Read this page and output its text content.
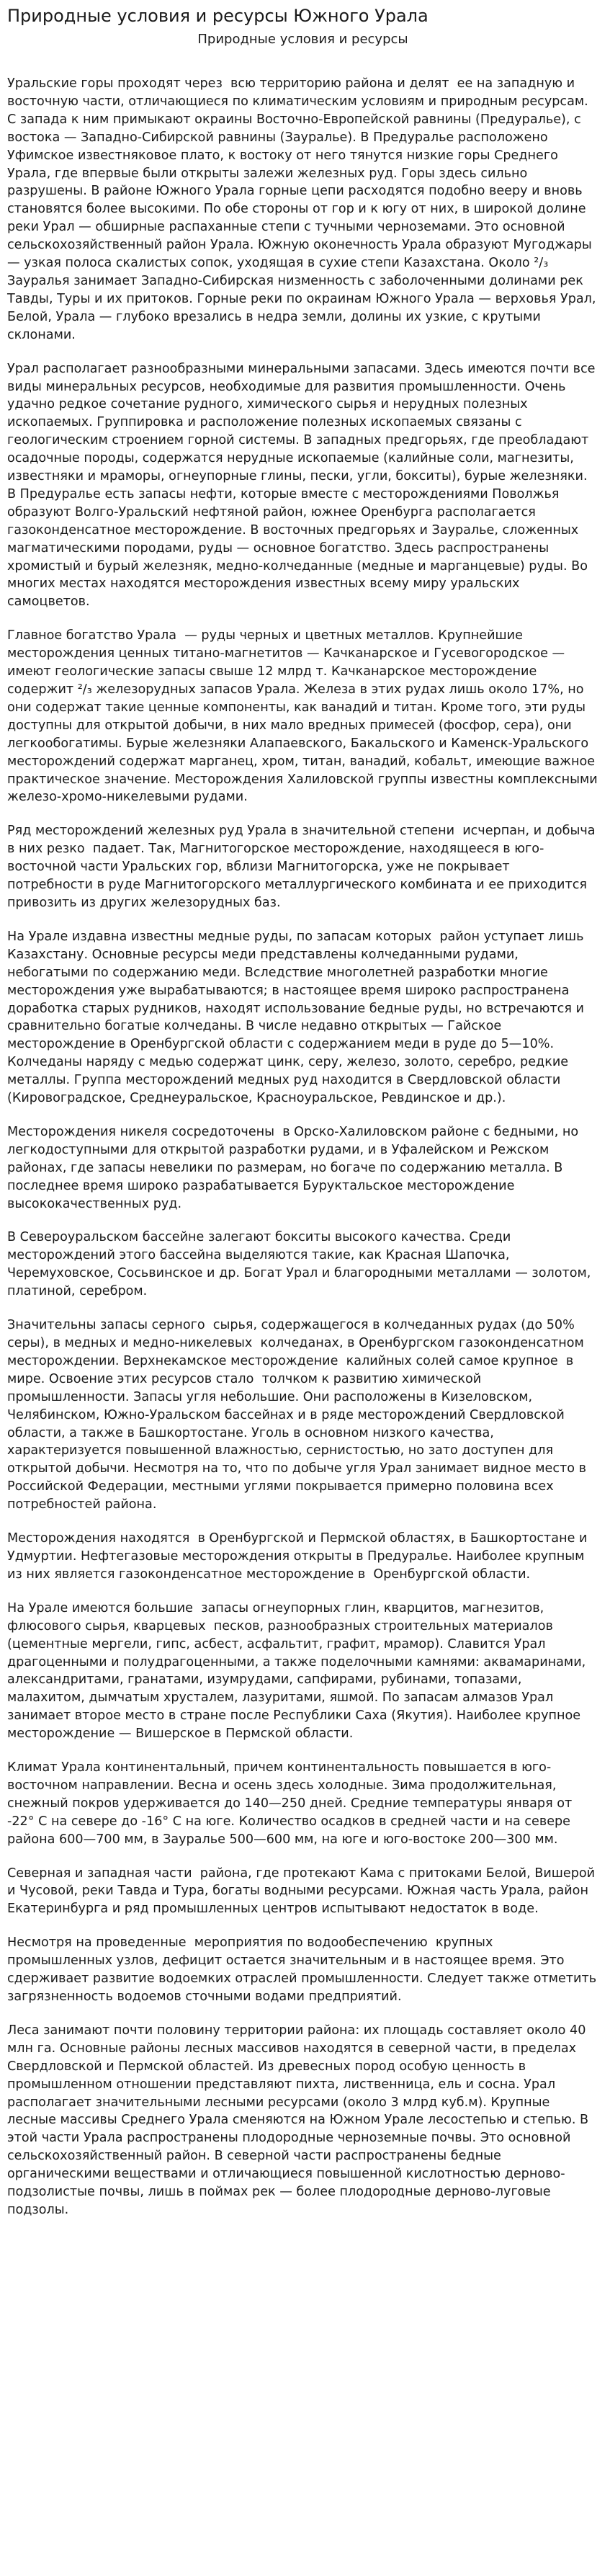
Природные условия и ресурсы Южного Урала
Природные условия и ресурсы

Уральские горы проходят через  всю территорию района и делят  ее на западную и восточную части, отличающиеся по климатическим условиям и природным ресурсам. С запада к ним примыкают окраины Восточно-Европейской равнины (Предуралье), с востока — Западно-Сибирской равнины (Зауралье). В Предуралье расположено Уфимское известняковое плато, к востоку от него тянутся низкие горы Среднего Урала, где впервые были открыты залежи железных руд. Горы здесь сильно разрушены. В районе Южного Урала горные цепи расходятся подобно вееру и вновь становятся более высокими. По обе стороны от гор и к югу от них, в широкой долине реки Урал — обширные распаханные степи с тучными черноземами. Это основной сельскохозяйственный район Урала. Южную оконечность Урала образуют Мугоджары — узкая полоса скалистых сопок, уходящая в сухие степи Казахстана. Около ²/₃ Зауралья занимает Западно-Сибирская низменность с заболоченными долинами рек Тавды, Туры и их притоков. Горные реки по окраинам Южного Урала — верховья Урал, Белой, Урала — глубоко врезались в недра земли, долины их узкие, с крутыми склонами.

Урал располагает разнообразными минеральными запасами. Здесь имеются почти все виды минеральных ресурсов, необходимые для развития промышленности. Очень удачно редкое сочетание рудного, химического сырья и нерудных полезных ископаемых. Группировка и расположение полезных ископаемых связаны с геологическим строением горной системы. В западных предгорьях, где преобладают осадочные породы, содержатся нерудные ископаемые (калийные соли, магнезиты, известняки и мраморы, огнеупорные глины, пески, угли, бокситы), бурые железняки. В Предуралье есть запасы нефти, которые вместе с месторождениями Поволжья образуют Волго-Уральский нефтяной район, южнее Оренбурга располагается газоконденсатное месторождение. В восточных предгорьях и Зауралье, сложенных магматическими породами, руды — основное богатство. Здесь распространены хромистый и бурый железняк, медно-колчеданные (медные и марганцевые) руды. Во многих местах находятся месторождения известных всему миру уральских самоцветов.

Главное богатство Урала  — руды черных и цветных металлов. Крупнейшие месторождения ценных титано-магнетитов — Качканарское и Гусевогородское — имеют геологические запасы свыше 12 млрд т. Качканарское месторождение содержит ²/₃ железорудных запасов Урала. Железа в этих рудах лишь около 17%, но они содержат такие ценные компоненты, как ванадий и титан. Кроме того, эти руды доступны для открытой добычи, в них мало вредных примесей (фосфор, сера), они легкообогатимы. Бурые железняки Алапаевского, Бакальского и Каменск-Уральского месторождений содержат марганец, хром, титан, ванадий, кобальт, имеющие важное практическое значение. Месторождения Халиловской группы известны комплексными железо-хромо-никелевыми рудами.

Ряд месторождений железных руд Урала в значительной степени  исчерпан, и добыча в них резко  падает. Так, Магнитогорское месторождение, находящееся в юго-восточной части Уральских гор, вблизи Магнитогорска, уже не покрывает потребности в руде Магнитогорского металлургического комбината и ее приходится привозить из других железорудных баз.

На Урале издавна известны медные руды, по запасам которых  район уступает лишь Казахстану. Основные ресурсы меди представлены колчеданными рудами, небогатыми по содержанию меди. Вследствие многолетней разработки многие месторождения уже вырабатываются; в настоящее время широко распространена доработка старых рудников, находят использование бедные руды, но встречаются и сравнительно богатые колчеданы. В числе недавно открытых — Гайское месторождение в Оренбургской области с содержанием меди в руде до 5—10%. Колчеданы наряду с медью содержат цинк, серу, железо, золото, серебро, редкие металлы. Группа месторождений медных руд находится в Свердловской области (Кировоградское, Среднеуральское, Красноуральское, Ревдинское и др.).

Месторождения никеля сосредоточены  в Орско-Халиловском районе с бедными, но легкодоступными для открытой разработки рудами, и в Уфалейском и Режском районах, где запасы невелики по размерам, но богаче по содержанию металла. В последнее время широко разрабатывается Буруктальское месторождение высококачественных руд.

В Североуральском бассейне залегают бокситы высокого качества. Среди месторождений этого бассейна выделяются такие, как Красная Шапочка, Черемуховское, Сосьвинское и др. Богат Урал и благородными металлами — золотом, платиной, серебром.

Значительны запасы серного  сырья, содержащегося в колчеданных рудах (до 50% серы), в медных и медно-никелевых  колчеданах, в Оренбургском газоконденсатном месторождении. Верхнекамское месторождение  калийных солей самое крупное  в мире. Освоение этих ресурсов стало  толчком к развитию химической промышленности. Запасы угля небольшие. Они расположены в Кизеловском, Челябинском, Южно-Уральском бассейнах и в ряде месторождений Свердловской области, а также в Башкортостане. Уголь в основном низкого качества, характеризуется повышенной влажностью, сернистостью, но зато доступен для открытой добычи. Несмотря на то, что по добыче угля Урал занимает видное место в Российской Федерации, местными углями покрывается примерно половина всех потребностей района.

Месторождения находятся  в Оренбургской и Пермской областях, в Башкортостане и Удмуртии. Нефтегазовые месторождения открыты в Предуралье. Наиболее крупным из них является газоконденсатное месторождение в  Оренбургской области.

На Урале имеются большие  запасы огнеупорных глин, кварцитов, магнезитов, флюсового сырья, кварцевых  песков, разнообразных строительных материалов (цементные мергели, гипс, асбест, асфальтит, графит, мрамор). Славится Урал драгоценными и полудрагоценными, а также поделочными камнями: аквамаринами, александритами, гранатами, изумрудами, сапфирами, рубинами, топазами, малахитом, дымчатым хрусталем, лазуритами, яшмой. По запасам алмазов Урал занимает второе место в стране после Республики Саха (Якутия). Наиболее крупное месторождение — Вишерское в Пермской области.

Климат Урала континентальный, причем континентальность повышается в юго-восточном направлении. Весна и осень здесь холодные. Зима продолжительная, снежный покров удерживается до 140—250 дней. Средние температуры января от -22° С на севере до -16° С на юге. Количество осадков в средней части и на севере района 600—700 мм, в Зауралье 500—600 мм, на юге и юго-востоке 200—300 мм.

Северная и западная части  района, где протекают Кама с притоками Белой, Вишерой и Чусовой, реки Тавда и Тура, богаты водными ресурсами. Южная часть Урала, район Екатеринбурга и ряд промышленных центров испытывают недостаток в воде.

Несмотря на проведенные  мероприятия по водообеспечению  крупных промышленных узлов, дефицит остается значительным и в настоящее время. Это сдерживает развитие водоемких отраслей промышленности. Следует также отметить загрязненность водоемов сточными водами предприятий.

Леса занимают почти половину территории района: их площадь составляет около 40 млн га. Основные районы лесных массивов находятся в северной части, в пределах Свердловской и Пермской областей. Из древесных пород особую ценность в промышленном отношении представляют пихта, лиственница, ель и сосна. Урал располагает значительными лесными ресурсами (около 3 млрд куб.м). Крупные лесные массивы Среднего Урала сменяются на Южном Урале лесостепью и степью. В этой части Урала распространены плодородные черноземные почвы. Это основной сельскохозяйственный район. В северной части распространены бедные органическими веществами и отличающиеся повышенной кислотностью дерново-подзолистые почвы, лишь в поймах рек — более плодородные дерново-луговые подзолы.
